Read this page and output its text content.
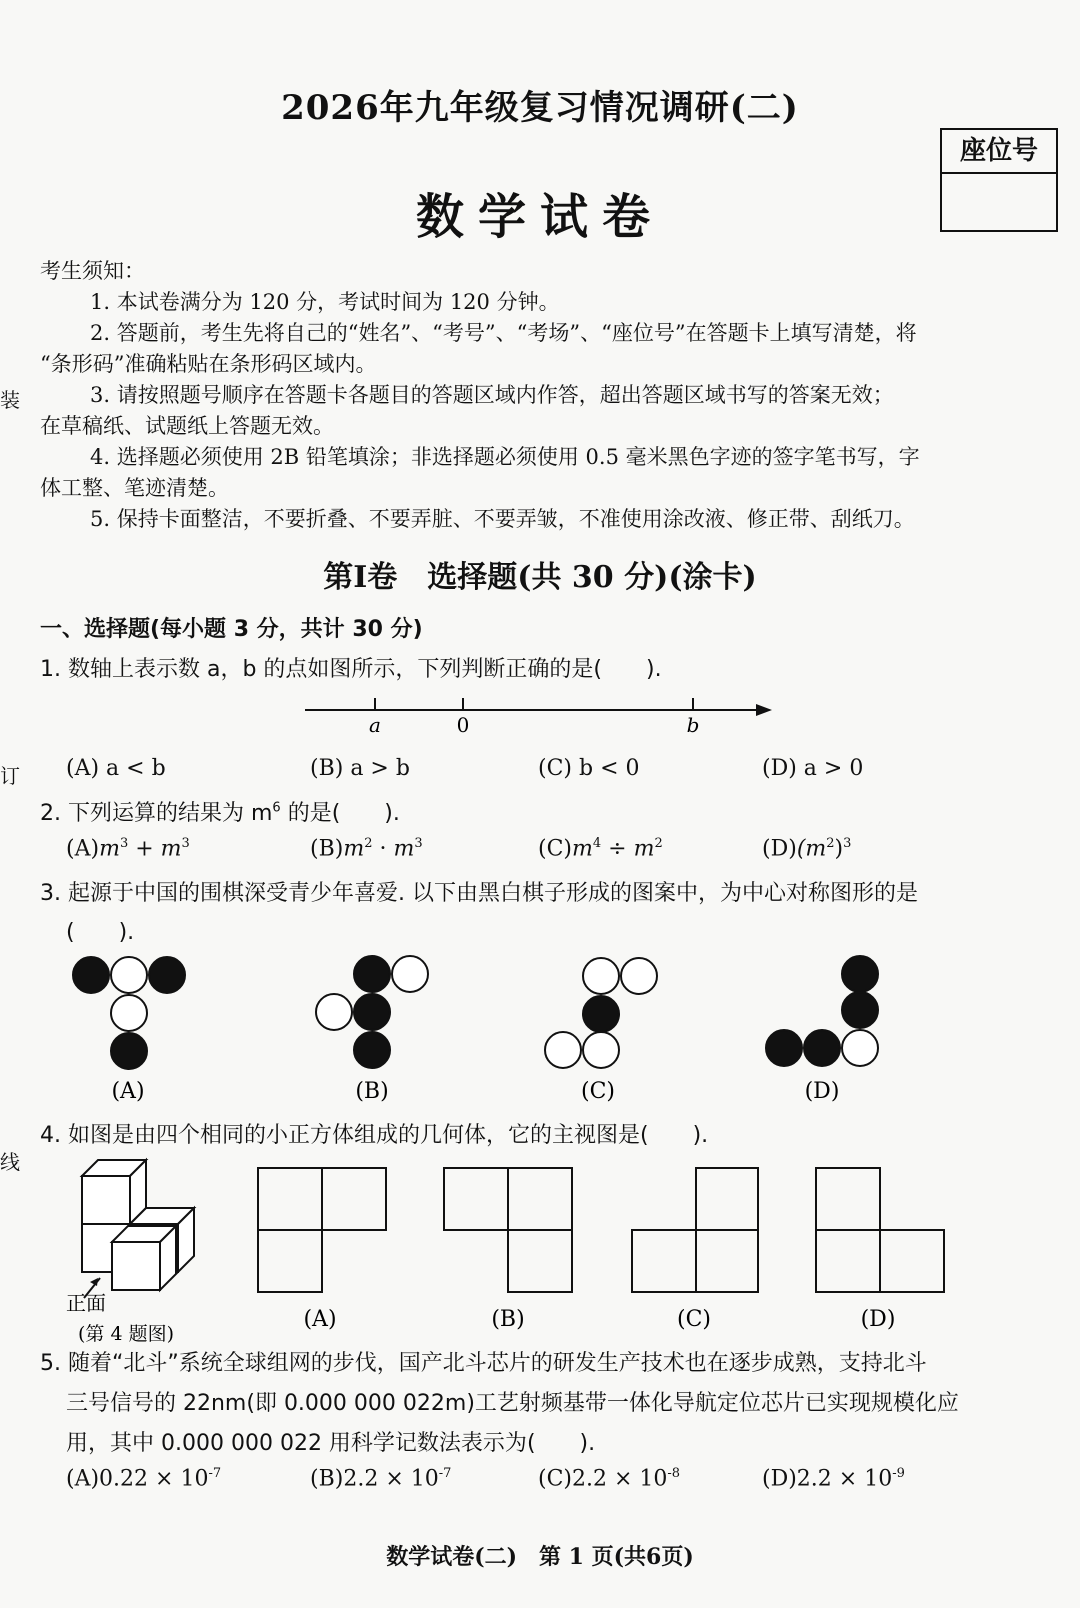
装
订
线
2026年九年级复习情况调研(二)
数学试卷
座位号
考生须知：
1. 本试卷满分为 120 分，考试时间为 120 分钟。
2. 答题前，考生先将自己的“姓名”、“考号”、“考场”、“座位号”在答题卡上填写清楚，将
“条形码”准确粘贴在条形码区域内。
3. 请按照题号顺序在答题卡各题目的答题区域内作答，超出答题区域书写的答案无效；
在草稿纸、试题纸上答题无效。
4. 选择题必须使用 2B 铅笔填涂；非选择题必须使用 0.5 毫米黑色字迹的签字笔书写，字
体工整、笔迹清楚。
5. 保持卡面整洁，不要折叠、不要弄脏、不要弄皱，不准使用涂改液、修正带、刮纸刀。
第Ⅰ卷　选择题(共 30 分)(涂卡)
一、选择题(每小题 3 分，共计 30 分)
1. 数轴上表示数 a，b 的点如图所示，下列判断正确的是(　　).
a	0	b
(A) a < b	(B) a > b	(C) b < 0	(D) a > 0
2. 下列运算的结果为 $m^6$ 的是(　　).
$(A)m^3 + m^3$	$(B)m^2 \cdot m^3$	$(C)m^4 \div m^2$	$(D)(m^2)^3$
3. 起源于中国的围棋深受青少年喜爱. 以下由黑白棋子形成的图案中，为中心对称图形的是
(　　).
(A)	(B)	(C)	(D)
4. 如图是由四个相同的小正方体组成的几何体，它的主视图是(　　).
正面
(第 4 题图)
(A)	(B)	(C)	(D)
5. 随着“北斗”系统全球组网的步伐，国产北斗芯片的研发生产技术也在逐步成熟，支持北斗
三号信号的 22nm(即 0.000 000 022m)工艺射频基带一体化导航定位芯片已实现规模化应
用，其中 0.000 000 022 用科学记数法表示为(　　).
$(A)0.22 \times 10^{-7}$	$(B)2.2 \times 10^{-7}$	$(C)2.2 \times 10^{-8}$	$(D)2.2 \times 10^{-9}$
数学试卷(二)　第 1 页(共6页)
